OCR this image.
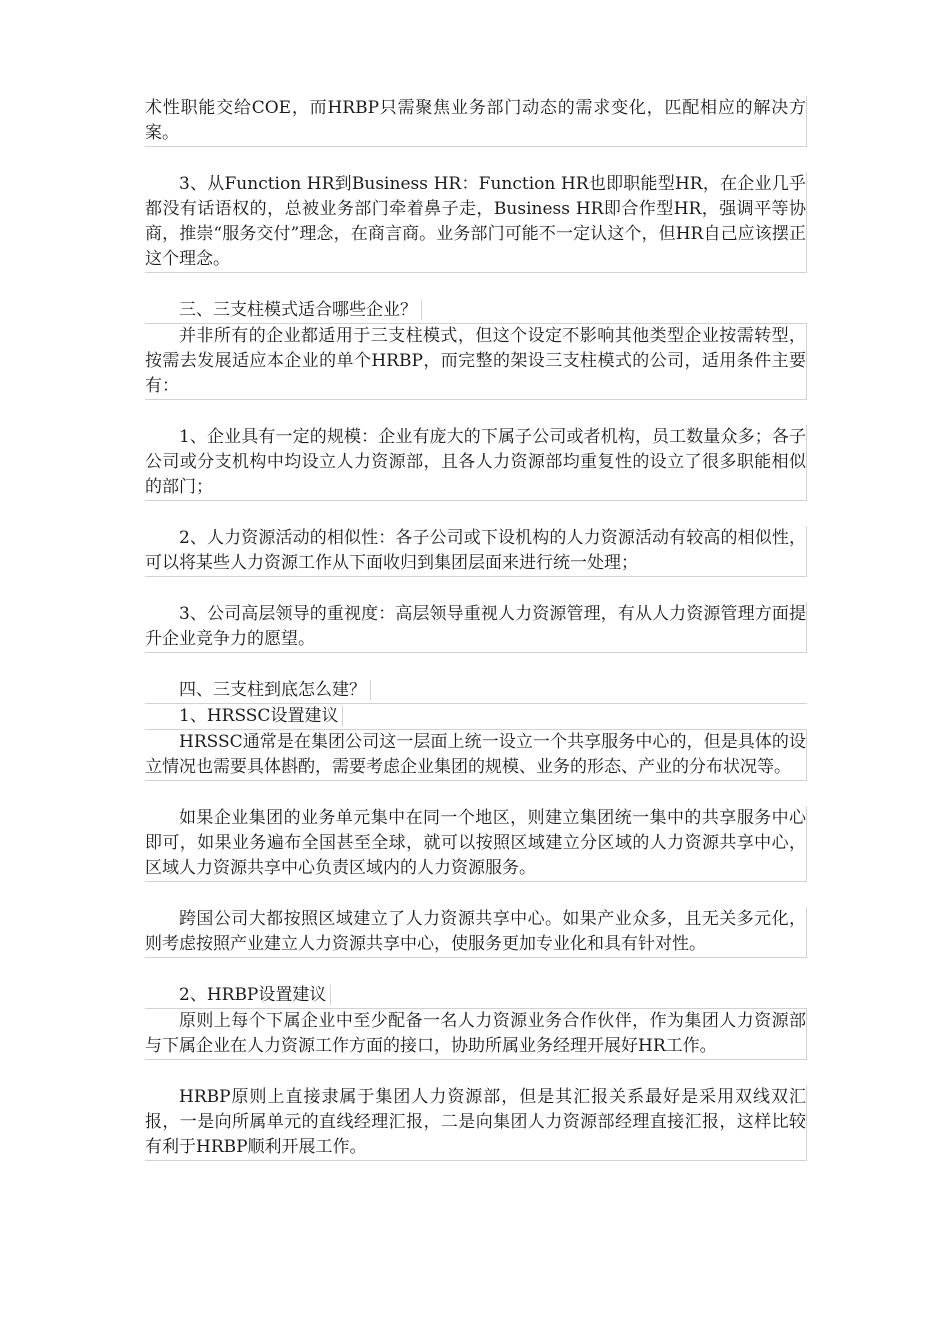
术性职能交给COE，而HRBP只需聚焦业务部门动态的需求变化，匹配相应的解决方案。

3、从Function HR到Business HR：Function HR也即职能型HR，在企业几乎都没有话语权的，总被业务部门牵着鼻子走，Business HR即合作型HR，强调平等协商，推崇“服务交付”理念，在商言商。业务部门可能不一定认这个，但HR自己应该摆正这个理念。

三、三支柱模式适合哪些企业？

并非所有的企业都适用于三支柱模式，但这个设定不影响其他类型企业按需转型，按需去发展适应本企业的单个HRBP，而完整的架设三支柱模式的公司，适用条件主要有：

1、企业具有一定的规模：企业有庞大的下属子公司或者机构，员工数量众多；各子公司或分支机构中均设立人力资源部，且各人力资源部均重复性的设立了很多职能相似的部门；

2、人力资源活动的相似性：各子公司或下设机构的人力资源活动有较高的相似性，可以将某些人力资源工作从下面收归到集团层面来进行统一处理；

3、公司高层领导的重视度：高层领导重视人力资源管理，有从人力资源管理方面提升企业竞争力的愿望。

四、三支柱到底怎么建？
1、HRSSC设置建议

HRSSC通常是在集团公司这一层面上统一设立一个共享服务中心的，但是具体的设立情况也需要具体斟酌，需要考虑企业集团的规模、业务的形态、产业的分布状况等。

如果企业集团的业务单元集中在同一个地区，则建立集团统一集中的共享服务中心即可，如果业务遍布全国甚至全球，就可以按照区域建立分区域的人力资源共享中心，区域人力资源共享中心负责区域内的人力资源服务。

跨国公司大都按照区域建立了人力资源共享中心。如果产业众多，且无关多元化，则考虑按照产业建立人力资源共享中心，使服务更加专业化和具有针对性。

2、HRBP设置建议

原则上每个下属企业中至少配备一名人力资源业务合作伙伴，作为集团人力资源部与下属企业在人力资源工作方面的接口，协助所属业务经理开展好HR工作。

HRBP原则上直接隶属于集团人力资源部，但是其汇报关系最好是采用双线双汇报，一是向所属单元的直线经理汇报，二是向集团人力资源部经理直接汇报，这样比较有利于HRBP顺利开展工作。
